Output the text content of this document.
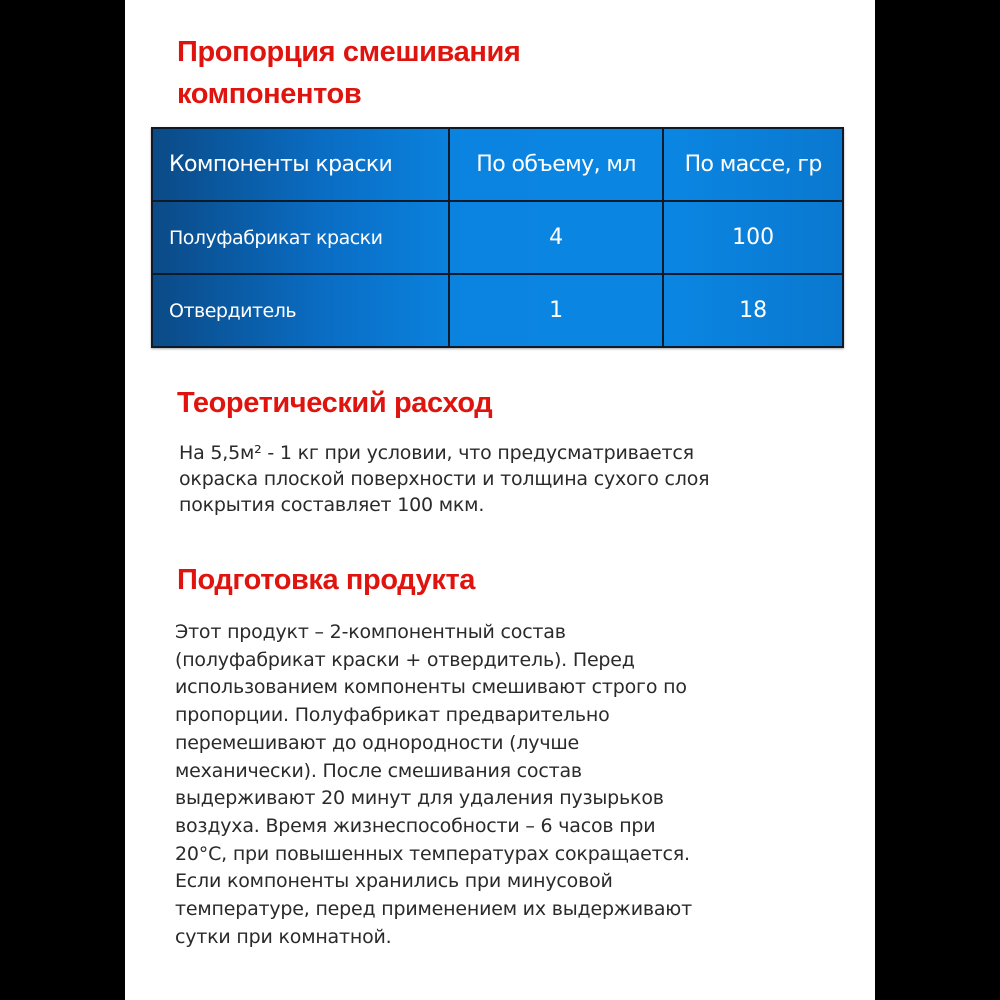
Пропорция смешивания
компонентов
Компоненты краски	По объему, мл	По массе, гр
Полуфабрикат краски	4	100
Отвердитель	1	18
Теоретический расход

На 5,5м² - 1 кг при условии, что предусматривается
окраска плоской поверхности и толщина сухого слоя
покрытия составляет 100 мкм.

Подготовка продукта

Этот продукт – 2-компонентный состав
(полуфабрикат краски + отвердитель). Перед
использованием компоненты смешивают строго по
пропорции. Полуфабрикат предварительно
перемешивают до однородности (лучше
механически). После смешивания состав
выдерживают 20 минут для удаления пузырьков
воздуха. Время жизнеспособности – 6 часов при
20°С, при повышенных температурах сокращается.
Если компоненты хранились при минусовой
температуре, перед применением их выдерживают
сутки при комнатной.
